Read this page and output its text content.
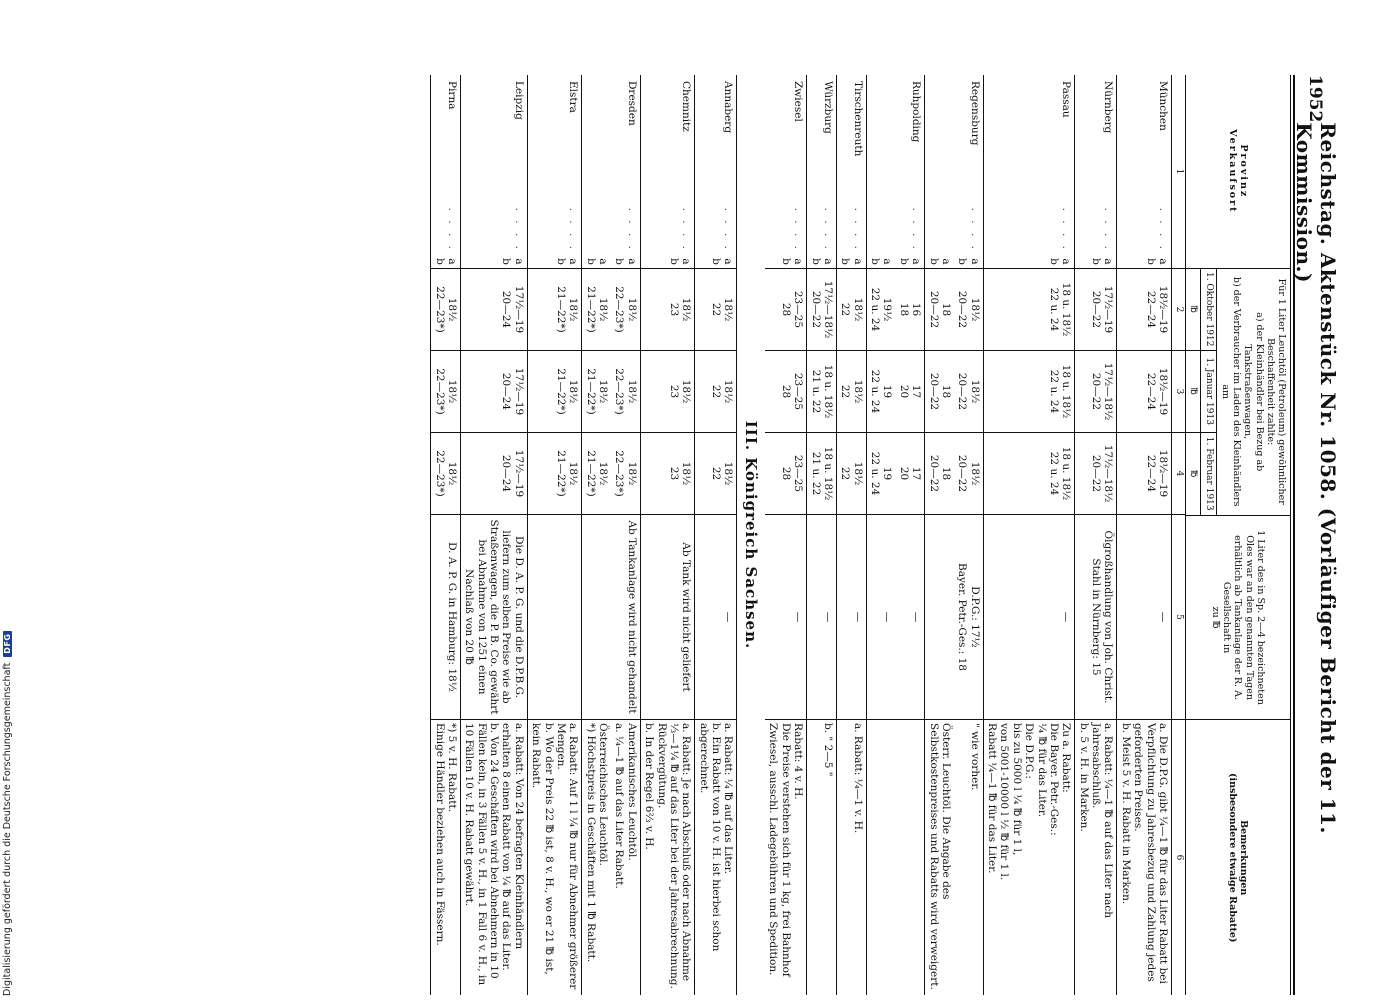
1952
Reichstag. Aktenstück Nr. 1058. (Vorläufiger Bericht der 11. Kommission.)
Provinz
Verkaufsort
Für 1 Liter Leuchtöl (Petroleum) gewöhnlicher Beschaffenheit zahlte:
a) der Kleinhändler bei Bezug ab Tankstraßenwagen,
b) der Verbraucher im Laden des Kleinhändlers
am
1. Oktober 1912
1. Januar 1913
1. Februar 1913
℔
℔
℔
1 Liter des in Sp. 2—4 bezeichneten Oles war an den genannten Tagen erhältlich ab Tankanlage der R. A. Gesellschaft in
zu ℔
Bemerkungen
(insbesondere etwaige Rabatte)
1
2
3
4
5
6
München
. . . .
a
b
18½—19
22—24
18½—19
22—24
18½—19
22—24
—
a. Die D.P.G. gibt ¼—1 ℔ für das Liter Rabatt bei Verpflichtung zu Jahresbezug und Zahlung jedes geforderten Preises.
b. Meist 5 v. H. Rabatt in Marken.
Nürnberg
. . . .
a
b
17½—19
20—22
17½—18½
20—22
17½—18½
20—22
Ölgroßhandlung von Joh. Christ. Stahl in Nürnberg: 15
a. Rabatt: ¼—1 ℔ auf das Liter nach Jahresabschluß.
b. 5 v. H. in Marken.
Passau
. . . .
a
b
18 u. 18½
22 u. 24
18 u. 18½
22 u. 24
18 u. 18½
22 u. 24
—
Zu a. Rabatt:
Die Bayer. Petr.-Ges.:
¼ ℔ für das Liter.
Die D.P.G.:
bis zu 5000 l ¼ ℔ für 1 l,
von 5001-10000 l ½ ℔ für 1 l.
Rabatt ¼—1 ℔ für das Liter.
Regensburg
. . . .
a
b
18½
20—22
18½
20—22
18½
20—22
D.P.G.: 17½
Bayer. Petr.-Ges.: 18
" wie vorher.
a
b
18
20—22
18
20—22
18
20—22
Österr. Leuchtöl. Die Angabe des Selbstkostenpreises und Rabatts wird verweigert.
Ruhpolding
. . . .
a
b
16
18
17
20
17
20
—
a
b
19½
22 u. 24
19
22 u. 24
19
22 u. 24
—
Tirschenreuth
. . . .
a
b
18½
22
18½
22
18½
22
—
a. Rabatt: ¼—1 v. H.
Würzburg
. . . .
a
b
17½—18½
20—22
18 u. 18½
21 u. 22
18 u. 18½
21 u. 22
—
b. " 2—5 "
Zwiesel
. . . .
a
b
23—25
28
23—25
28
23—25
28
—
Rabatt: 4 v. H.
Die Preise verstehen sich für 1 kg, frei Bahnhof Zwiesel, ausschl. Ladegebühren und Spedition.
III. Königreich Sachsen.
Annaberg
. . . .
a
b
18½
22
18½
22
18½
22
—
a. Rabatt: ¼ ℔ auf das Liter.
b. Ein Rabatt von 10 v. H. ist hierbei schon abgerechnet.
Chemnitz
. . . .
a
b
18½
23
18½
23
18½
23
Ab Tank wird nicht geliefert
a. Rabatt: Je nach Abschluß oder nach Abnahme ⅓—1¼ ℔ auf das Liter bei der Jahresabrechnung. Rückvergütung.
b. In der Regel 6⅔ v. H.
Dresden
. . . .
a
b
18½
22—23*)
18½
22—23*)
18½
22—23*)
Ab Tankanlage wird nicht gehandelt
Amerikanisches Leuchtöl.
a. ¼—1 ℔ auf das Liter Rabatt.
a
b
18½
21—22*)
18½
21—22*)
18½
21—22*)
Österreichisches Leuchtöl.
*) Höchstpreis in Geschäften mit 1 ℔ Rabatt.
Elstra
. . . .
a
b
18½
21—22*)
18½
21—22*)
18½
21—22*)
a. Rabatt: Auf 1 l ¼ ℔ nur für Abnehmer größerer Mengen.
b. Wo der Preis 22 ℔ ist, 8 v. H., wo er 21 ℔ ist, kein Rabatt.
Leipzig
. . . .
a
b
17½—19
20—24
17½—19
20—24
17½—19
20—24
Die D. A. P. G. und die D.P.B.G. liefern zum selben Preise wie ab Straßenwagen, die P. B. Co. gewährt bei Abnahme von 1251 einen Nachlaß von 20 ℔
a. Rabatt: Von 24 befragten Kleinhändlern erhalten 8 einen Rabatt von ¼ ℔ auf das Liter.
b. Von 24 Geschäften wird bei Abnehmern in 10 Fällen kein, in 3 Fällen 5 v. H., in 1 Fall 6 v. H., in 10 Fällen 10 v. H. Rabatt gewährt.
Pirna
. . . .
a
b
18½
22—23*)
18½
22—23*)
18½
22—23*)
D. A. P. G. in Hamburg: 18½
*) 5 v. H. Rabatt.
Einige Händler beziehen auch in Fässern.
Digitalisierung gefördert durch die Deutsche Forschungsgemeinschaft
DFG
